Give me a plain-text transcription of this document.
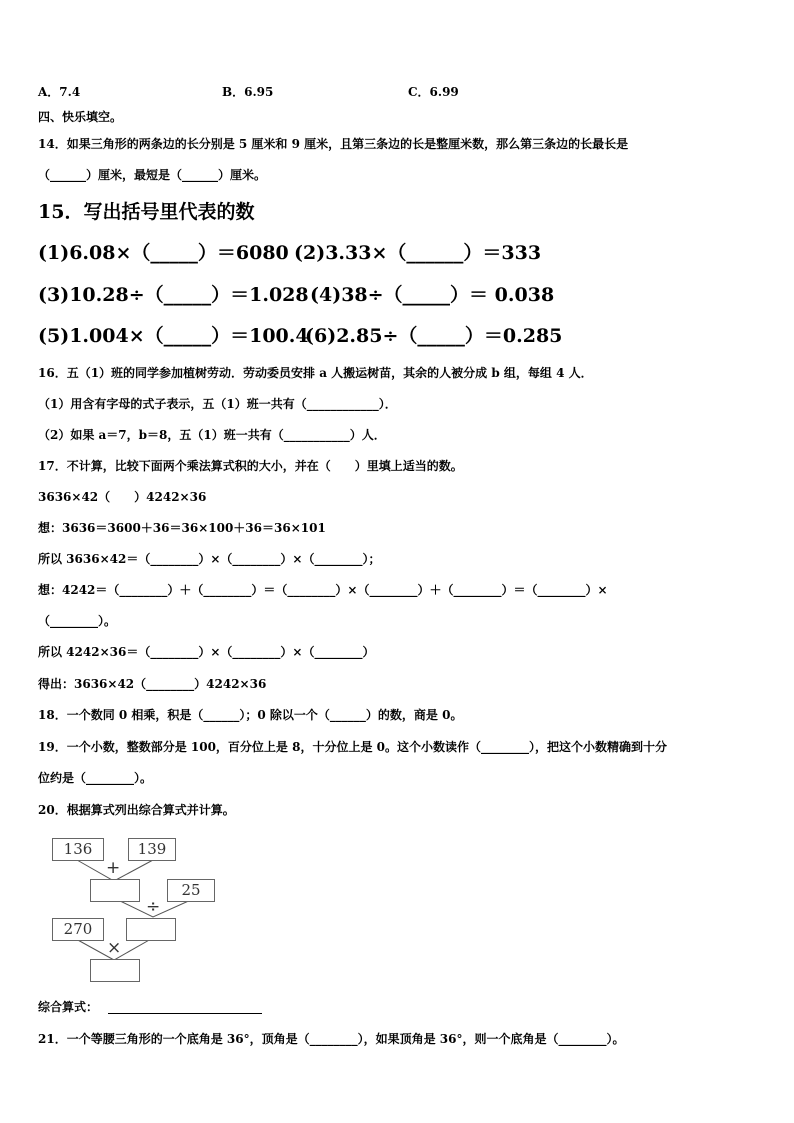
A．7.4	B．6.95	C．6.99
四、快乐填空。
14．如果三角形的两条边的长分别是 5 厘米和 9 厘米，且第三条边的长是整厘米数，那么第三条边的长最长是
（______）厘米，最短是（______）厘米。
15．写出括号里代表的数
(1)6.08×（_____）＝6080 (2)3.33×（______）＝333
(3)10.28÷（_____）＝1.028 (4)38÷（_____）＝ 0.038
(5)1.004×（_____）＝100.4
(6)2.85÷（_____）＝0.285
16．五（1）班的同学参加植树劳动．劳动委员安排 a 人搬运树苗，其余的人被分成 b 组，每组 4 人．
（1）用含有字母的式子表示，五（1）班一共有（____________）．
（2）如果 a＝7，b＝8，五（1）班一共有（___________）人．
17．不计算，比较下面两个乘法算式积的大小，并在（　　）里填上适当的数。
3636×42（　　）4242×36
想：3636＝3600＋36＝36×100＋36＝36×101
所以 3636×42＝（________）×（________）×（________）；
想：4242＝（________）＋（________）＝（________）×（________）＋（________）＝（________）×
（________）。
所以 4242×36＝（________）×（________）×（________）
得出：3636×42（________）4242×36
18．一个数同 0 相乘，积是（______）；0 除以一个（______）的数，商是 0。
19．一个小数，整数部分是 100，百分位上是 8，十分位上是 0。这个小数读作（________），把这个小数精确到十分
位约是（________）。
20．根据算式列出综合算式并计算。
136	139
+
25
÷
270
×
综合算式：
21．一个等腰三角形的一个底角是 36°，顶角是（________），如果顶角是 36°，则一个底角是（________）。
